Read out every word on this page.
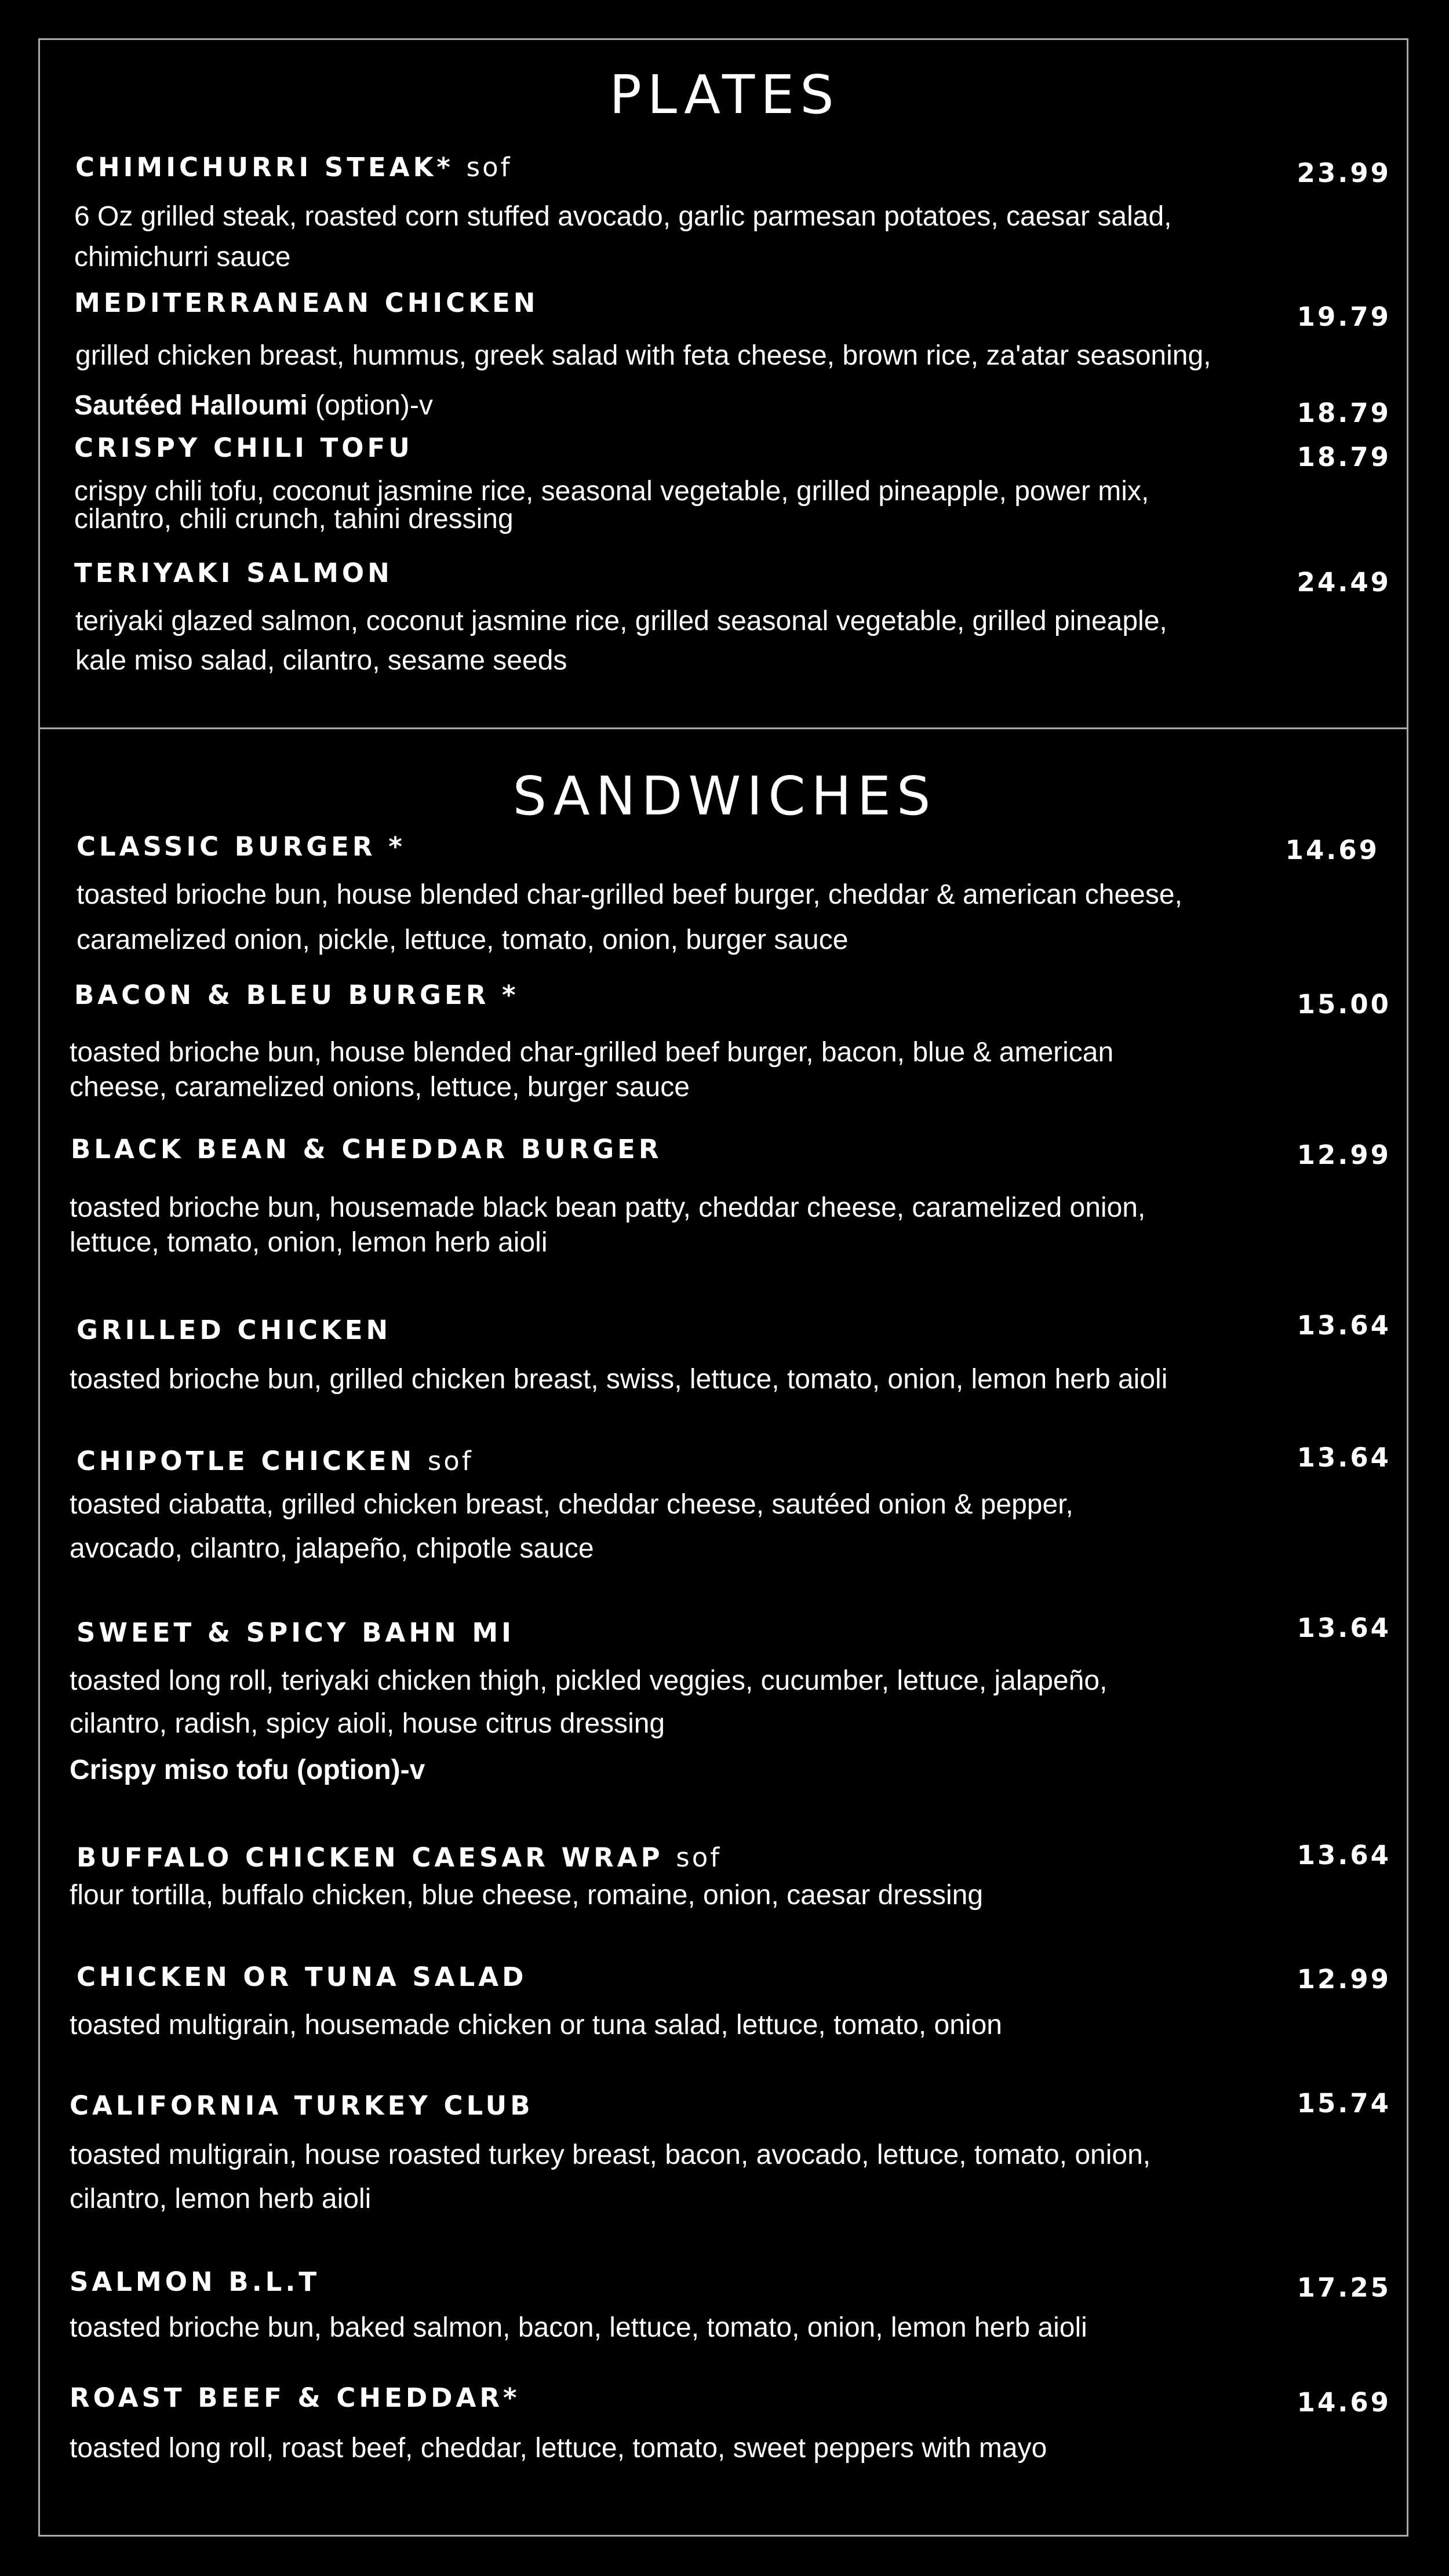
PLATES
CHIMICHURRI STEAK* sof	23.99
6 Oz grilled steak, roasted corn stuffed avocado, garlic parmesan potatoes, caesar salad,
chimichurri sauce
MEDITERRANEAN CHICKEN	19.79
grilled chicken breast, hummus, greek salad with feta cheese, brown rice, za'atar seasoning,
Sautéed Halloumi (option)-v	18.79
CRISPY CHILI TOFU	18.79
crispy chili tofu, coconut jasmine rice, seasonal vegetable, grilled pineapple, power mix,
cilantro, chili crunch, tahini dressing
TERIYAKI SALMON	24.49
teriyaki glazed salmon, coconut jasmine rice, grilled seasonal vegetable, grilled pineaple,
kale miso salad, cilantro, sesame seeds
SANDWICHES
CLASSIC BURGER *	14.69
toasted brioche bun, house blended char-grilled beef burger, cheddar & american cheese,
caramelized onion, pickle, lettuce, tomato, onion, burger sauce
BACON & BLEU BURGER *	15.00
toasted brioche bun, house blended char-grilled beef burger, bacon, blue & american
cheese, caramelized onions, lettuce, burger sauce
BLACK BEAN & CHEDDAR BURGER	12.99
toasted brioche bun, housemade black bean patty, cheddar cheese, caramelized onion,
lettuce, tomato, onion, lemon herb aioli
GRILLED CHICKEN	13.64
toasted brioche bun, grilled chicken breast, swiss, lettuce, tomato, onion, lemon herb aioli
CHIPOTLE CHICKEN sof	13.64
toasted ciabatta, grilled chicken breast, cheddar cheese, sautéed onion & pepper,
avocado, cilantro, jalapeño, chipotle sauce
SWEET & SPICY BAHN MI	13.64
toasted long roll, teriyaki chicken thigh, pickled veggies, cucumber, lettuce, jalapeño,
cilantro, radish, spicy aioli, house citrus dressing
Crispy miso tofu (option)-v
BUFFALO CHICKEN CAESAR WRAP sof	13.64
flour tortilla, buffalo chicken, blue cheese, romaine, onion, caesar dressing
CHICKEN OR TUNA SALAD	12.99
toasted multigrain, housemade chicken or tuna salad, lettuce, tomato, onion
CALIFORNIA TURKEY CLUB	15.74
toasted multigrain, house roasted turkey breast, bacon, avocado, lettuce, tomato, onion,
cilantro, lemon herb aioli
SALMON B.L.T	17.25
toasted brioche bun, baked salmon, bacon, lettuce, tomato, onion, lemon herb aioli
ROAST BEEF & CHEDDAR*	14.69
toasted long roll, roast beef, cheddar, lettuce, tomato, sweet peppers with mayo
